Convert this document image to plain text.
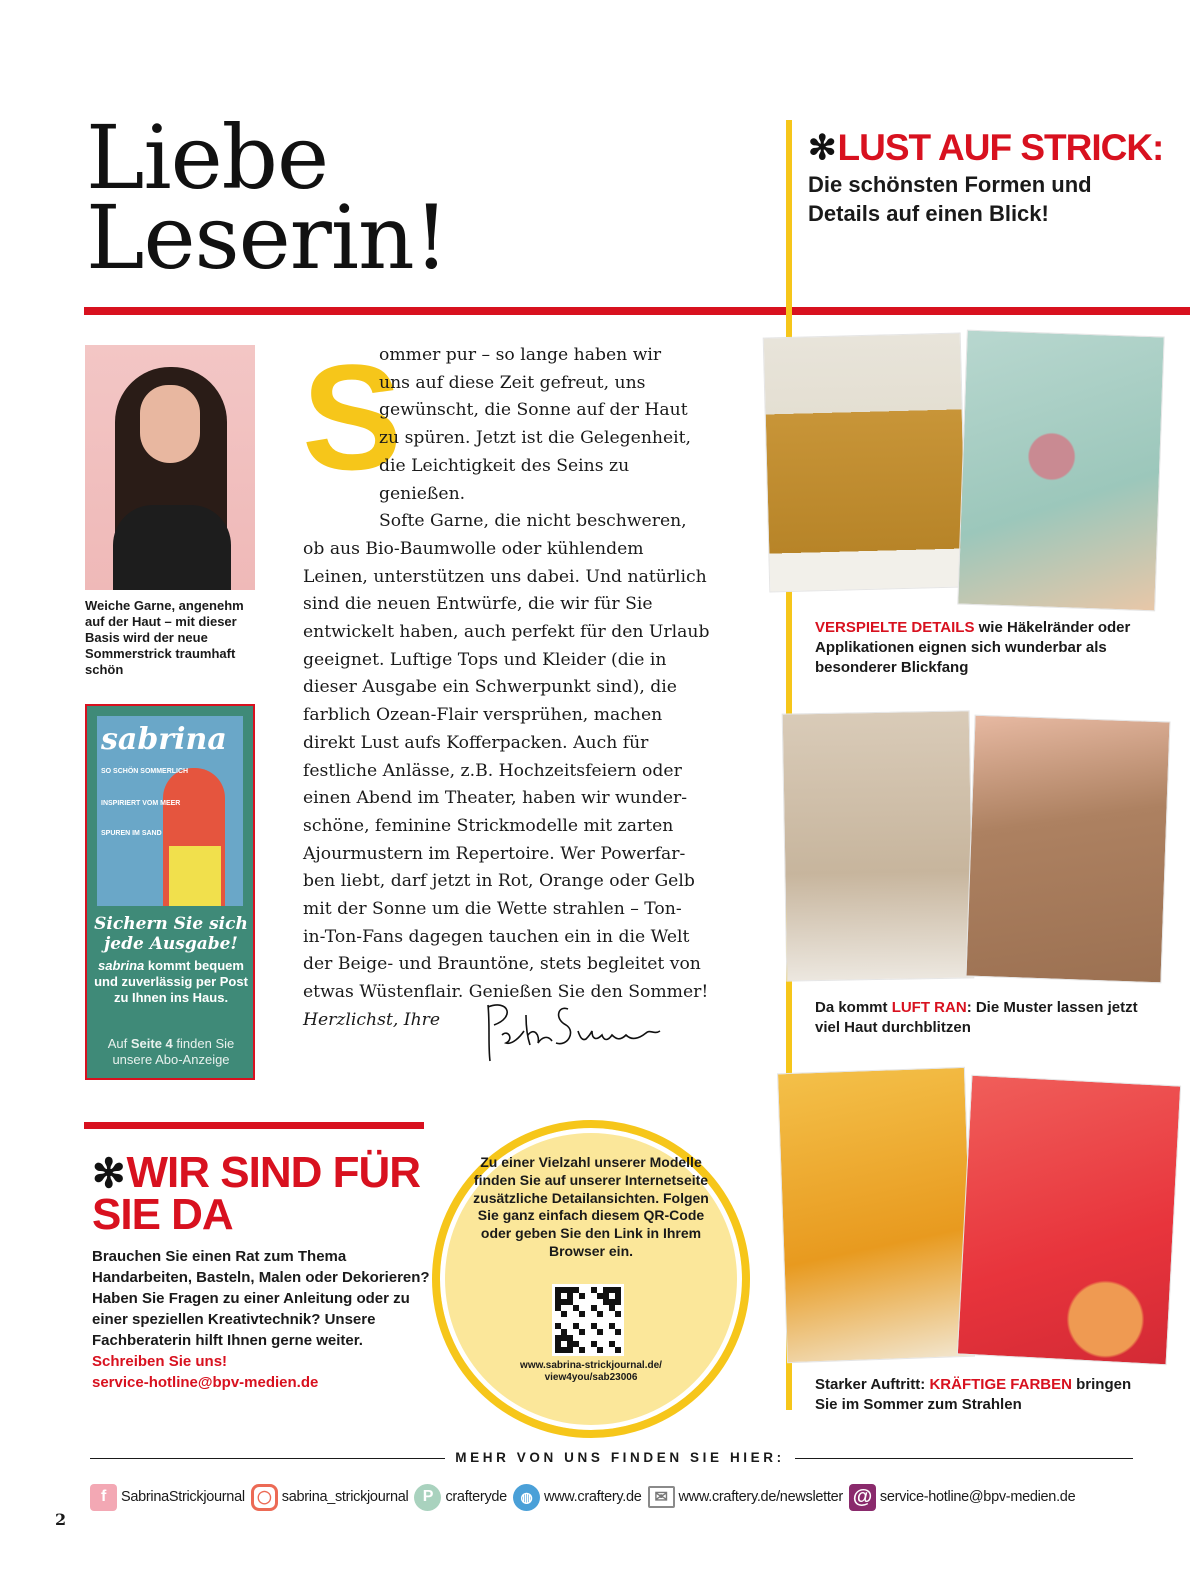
Liebe
Leserin!
✻ LUST AUF STRICK:
Die schönsten Formen und
Details auf einen Blick!
Weiche Garne, angenehm auf der Haut – mit dieser Basis wird der neue Sommerstrick traumhaft schön
sabrina
SO SCHÖN SOMMERLICH
INSPIRIERT VOM MEER
SPUREN IM SAND
Sichern Sie sich jede Ausgabe!
sabrina kommt bequem und zuverlässig per Post zu Ihnen ins Haus.
Auf Seite 4 finden Sie unsere Abo-Anzeige
S
ommer pur – so lange haben wir
uns auf diese Zeit gefreut, uns
gewünscht, die Sonne auf der Haut
zu spüren. Jetzt ist die Gelegenheit,
die Leichtigkeit des Seins zu genießen.
Softe Garne, die nicht beschweren,
ob aus Bio-Baumwolle oder kühlendem
Leinen, unterstützen uns dabei. Und natürlich
sind die neuen Entwürfe, die wir für Sie
entwickelt haben, auch perfekt für den Urlaub
geeignet. Luftige Tops und Kleider (die in
dieser Ausgabe ein Schwerpunkt sind), die
farblich Ozean-Flair versprühen, machen
direkt Lust aufs Kofferpacken. Auch für
festliche Anlässe, z.B. Hochzeitsfeiern oder
einen Abend im Theater, haben wir wunder-
schöne, feminine Strickmodelle mit zarten
Ajourmustern im Repertoire. Wer Powerfar-
ben liebt, darf jetzt in Rot, Orange oder Gelb
mit der Sonne um die Wette strahlen – Ton-
in-Ton-Fans dagegen tauchen ein in die Welt
der Beige- und Brauntöne, stets begleitet von
etwas Wüstenflair. Genießen Sie den Sommer!
Herzlichst, Ihre
VERSPIELTE DETAILS wie Häkelränder oder Applikationen eignen sich wunderbar als besonderer Blickfang
Da kommt LUFT RAN: Die Muster lassen jetzt viel Haut durchblitzen
Starker Auftritt: KRÄFTIGE FARBEN bringen Sie im Sommer zum Strahlen
✻WIR SIND FÜR
SIE DA
Brauchen Sie einen Rat zum Thema Handarbeiten, Basteln, Malen oder Dekorieren? Haben Sie Fragen zu einer Anleitung oder zu einer speziellen Kreativtechnik? Unsere Fachberaterin hilft Ihnen gerne weiter.
Schreiben Sie uns!
service-hotline@bpv-medien.de
Zu einer Vielzahl unserer Modelle finden Sie auf unserer Internetseite zusätzliche Detailansichten. Folgen Sie ganz einfach diesem QR-Code oder geben Sie den Link in Ihrem Browser ein.
www.sabrina-strickjournal.de/ view4you/sab23006
MEHR VON UNS FINDEN SIE HIER:
f	SabrinaStrickjournal ◯ sabrina_strickjournal P crafteryde ◍ www.craftery.de ✉ www.craftery.de/newsletter @ service-hotline@bpv-medien.de
2
